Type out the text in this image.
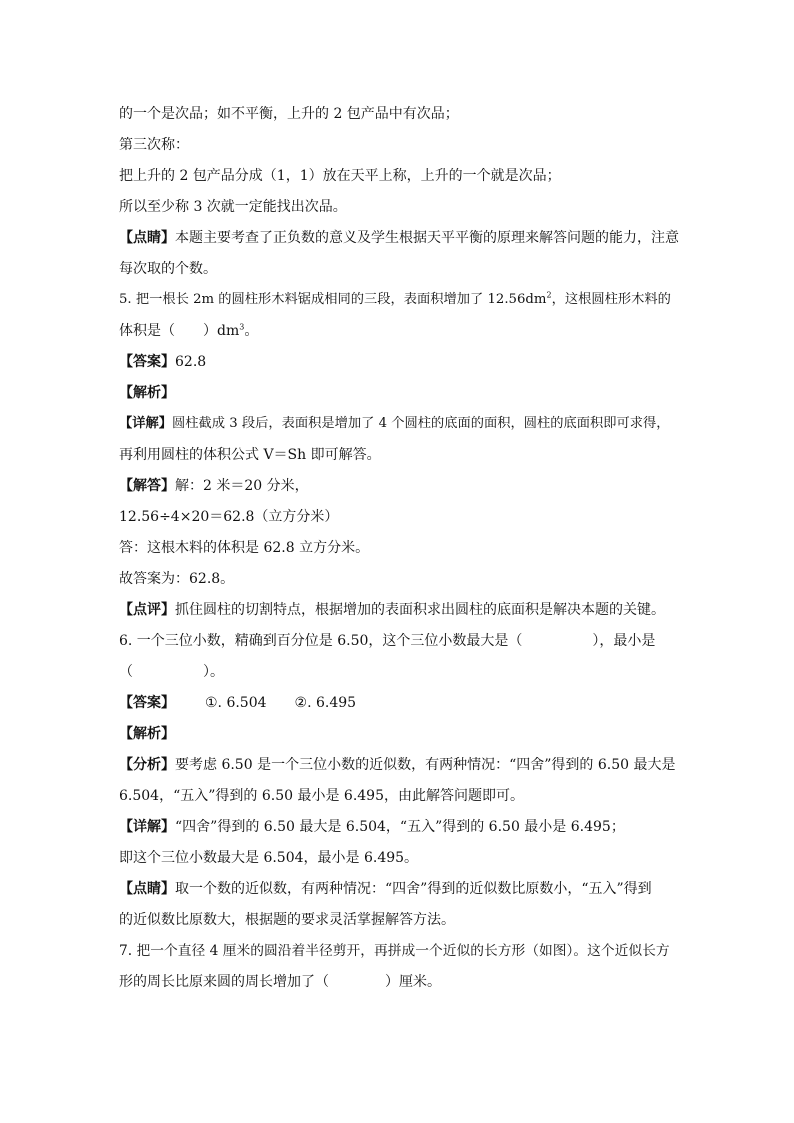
的一个是次品；如不平衡，上升的 2 包产品中有次品；
第三次称：
把上升的 2 包产品分成（1，1）放在天平上称，上升的一个就是次品；
所以至少称 3 次就一定能找出次品。
【点睛】本题主要考查了正负数的意义及学生根据天平平衡的原理来解答问题的能力，注意
每次取的个数。
5. 把一根长 2m 的圆柱形木料锯成相同的三段，表面积增加了 $12.56dm^2$，这根圆柱形木料的
体积是（　　）$dm^3$。
【答案】62.8
【解析】
【详解】圆柱截成 3 段后，表面积是增加了 4 个圆柱的底面的面积，圆柱的底面积即可求得，
再利用圆柱的体积公式 V＝Sh 即可解答。
【解答】解：2 米＝20 分米，
12.56÷4×20＝62.8（立方分米）
答：这根木料的体积是 62.8 立方分米。
故答案为：62.8。
【点评】抓住圆柱的切割特点，根据增加的表面积求出圆柱的底面积是解决本题的关键。
6. 一个三位小数，精确到百分位是 6.50，这个三位小数最大是（　　　　　），最小是
（　　　　　）。
【答案】 ①. 6.504 ②. 6.495
【解析】
【分析】要考虑 6.50 是一个三位小数的近似数，有两种情况：“四舍”得到的 6.50 最大是
6.504，“五入”得到的 6.50 最小是 6.495，由此解答问题即可。
【详解】“四舍”得到的 6.50 最大是 6.504，“五入”得到的 6.50 最小是 6.495；
即这个三位小数最大是 6.504，最小是 6.495。
【点睛】取一个数的近似数，有两种情况：“四舍”得到的近似数比原数小，“五入”得到
的近似数比原数大，根据题的要求灵活掌握解答方法。
7. 把一个直径 4 厘米的圆沿着半径剪开，再拼成一个近似的长方形（如图）。这个近似长方
形的周长比原来圆的周长增加了（　　　　）厘米。
